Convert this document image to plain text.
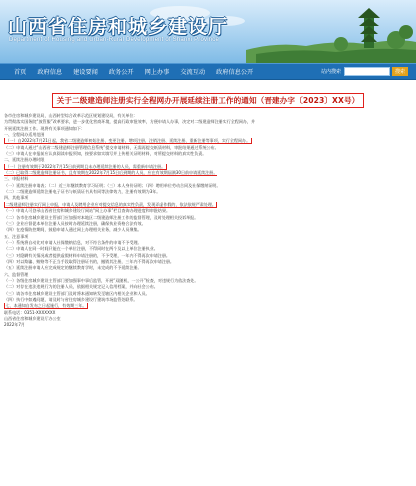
山西省住房和城乡建设厅
Department of Housing and Urban-Rural Development of Shanxi Province
首页 政府信息 建设要闻 政务公开 网上办事 交流互动 政府信息公开	站内搜索	搜索
关于二级建造师注册实行全程网办开展延续注册工作的通知（晋建办字〔2023〕XX号）
各市住房和城乡建设局，山西转型综合改革示范区规划建设局，有关单位：
为贯彻落实国务院“放管服”改革要求，进一步优化营商环境，提高行政审批效率，方便申请人办事，决定对二级建造师注册实行全程网办，并
开展延续注册工作。现将有关事项通知如下：
一、全程网办适用范围
（一）自2022年7月21日起，我省二级建造师初始注册、变更注册、增项注册、注销注册、延续注册、重新注册等事项，实行全程网办。
（二）申请人通过“山西省二级建造师注册管理信息系统”提交申请材料，无需再提交纸质材料，审批结果通过系统公布。
（三）申请人在申报前应认真阅读申报须知，按要求如实填写并上传相关证明材料，对所提交材料的真实性负责。
二、延续注册办理时限
（一）注册有效期于2022年7月15日前到期且未办理延续注册的人员，需重新申请注册。
（二）已取得二级建造师注册证书，且有效期在2022年7月15日后到期的人员，应在有效期届满30日前申请延续注册。
三、申报材料
（一）延续注册申请表；（二）近三年继续教育学习证明；（三）本人身份证明；（四）聘用单位劳动合同及社保缴纳证明。
（二）二级建造师延续注册电子证书与纸质证书具有同等法律效力，注册有效期为3年。
四、其他事项
二级建造师注册实行网上申报，申请人及聘用企业应对提交信息的真实性负责，发现弄虚作假的，依法依规严肃处理。
（一）申请人可登录山西省住房和城乡建设厅网站“网上办事”栏目查询办理进度和审批结果。
（二）各市住房城乡建设主管部门应加强对本地区二级建造师注册工作的监督管理，及时处理相关投诉举报。
（三）企业应督促本单位注册人员按时办理延续注册，确保执业资格合法有效。
（四）在疫情防控期间，鼓励申请人通过网上办理相关业务，减少人员聚集。
五、注意事项
（一）系统将自动比对申请人社保缴纳信息，对不符合条件的申请不予受理。
（二）申请人在同一时间只能在一个单位注册，不得同时在两个及以上单位注册执业。
（三）对隐瞒有关情况或者提供虚假材料申请注册的，不予受理，一年内不得再次申请注册。
（四）对以欺骗、贿赂等不正当手段取得注册证书的，撤销其注册，三年内不得再次申请注册。
（五）延续注册申请人应完成规定的继续教育学时，未完成的不予延续注册。
六、监督管理
（一）各级住房城乡建设主管部门要加强事中事后监管，开展“双随机、一公开”检查，对违规行为依法查处。
（二）对存在违法违规行为的注册人员，依据相关规定记入信用档案，并向社会公布。
（三）请各市住房城乡建设主管部门及时将本通知转发至辖区内相关企业和人员。
（四）执行中如遇问题，请及时与省住房城乡建设厅建筑市场监管处联系。
七、本通知自发布之日起施行，有效期三年。
联系电话：0351-XXXXXXX
山西省住房和城乡建设厅办公室
2022年7月
